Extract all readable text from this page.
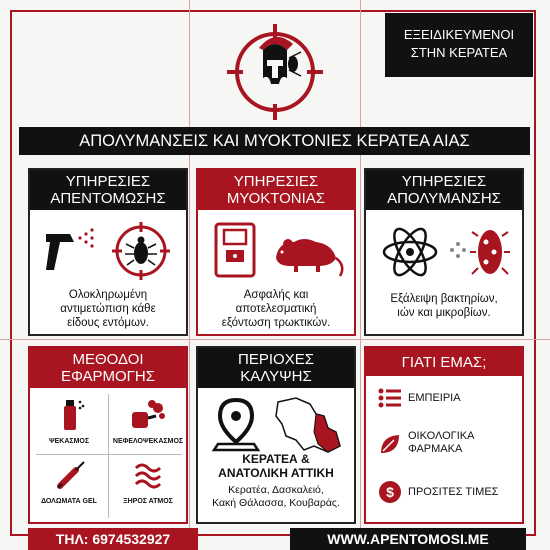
ΕΞΕΙΔΙΚΕΥΜΕΝΟΙ
ΣΤΗΝ ΚΕΡΑΤΕΑ
ΑΠΟΛΥΜΑΝΣΕΙΣ ΚΑΙ ΜΥΟΚΤΟΝΙΕΣ ΚΕΡΑΤΕΑ ΑΙΑΣ
ΥΠΗΡΕΣΙΕΣ
ΑΠΕΝΤΟΜΩΣΗΣ
Ολοκληρωμένη
αντιμετώπιση κάθε
είδους εντόμων.
ΥΠΗΡΕΣΙΕΣ
ΜΥΟΚΤΟΝΙΑΣ
Ασφαλής και
αποτελεσματική
εξόντωση τρωκτικών.
ΥΠΗΡΕΣΙΕΣ
ΑΠΟΛΥΜΑΝΣΗΣ
Εξάλειψη βακτηρίων,
ιών και μικροβίων.
ΜΕΘΟΔΟΙ
ΕΦΑΡΜΟΓΗΣ
ΨΕΚΑΣΜΟΣ	ΝΕΦΕΛΟΨΕΚΑΣΜΟΣ
ΔΟΛΩΜΑΤΑ GEL	ΞΗΡΟΣ ΑΤΜΟΣ
ΠΕΡΙΟΧΕΣ
ΚΑΛΥΨΗΣ
ΚΕΡΑΤΕΑ &
ΑΝΑΤΟΛΙΚΗ ΑΤΤΙΚΗ
Κερατέα, Δασκαλειό,
Κακή Θάλασσα, Κουβαράς.
ΓΙΑΤΙ ΕΜΑΣ;
ΕΜΠΕΙΡΙΑ
ΟΙΚΟΛΟΓΙΚΑ
ΦΑΡΜΑΚΑ
$ ΠΡΟΣΙΤΕΣ ΤΙΜΕΣ
ΤΗΛ: 6974532927	WWW.APENTOMOSI.ME
